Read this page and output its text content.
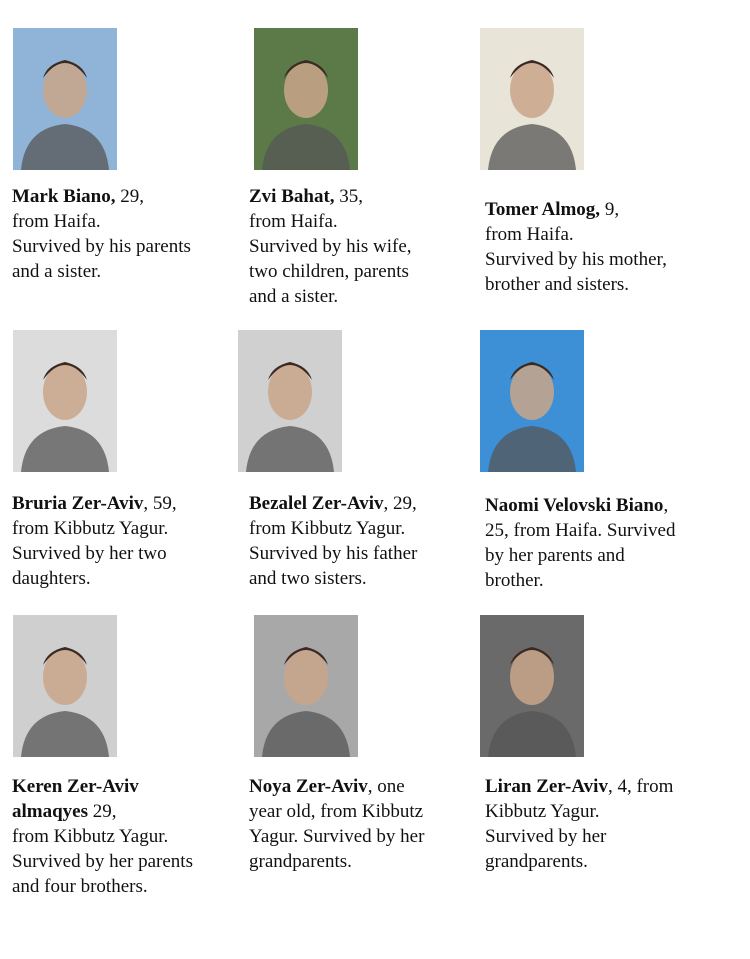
Mark Biano, 29,
from Haifa.
Survived by his parents
and a sister.

Zvi Bahat, 35,
from Haifa.
Survived by his wife,
two children, parents
and a sister.

Tomer Almog, 9,
from Haifa.
Survived by his mother,
brother and sisters.

Bruria Zer-Aviv, 59,
from Kibbutz Yagur.
Survived by her two
daughters.

Bezalel Zer-Aviv, 29,
from Kibbutz Yagur.
Survived by his father
and two sisters.

Naomi Velovski Biano,
25, from Haifa. Survived
by her parents and
brother.

Keren Zer-Aviv
almaqyes 29,
from Kibbutz Yagur.
Survived by her parents
and four brothers.

Noya Zer-Aviv, one
year old, from Kibbutz
Yagur. Survived by her
grandparents.

Liran Zer-Aviv, 4, from
Kibbutz Yagur.
Survived by her
grandparents.
